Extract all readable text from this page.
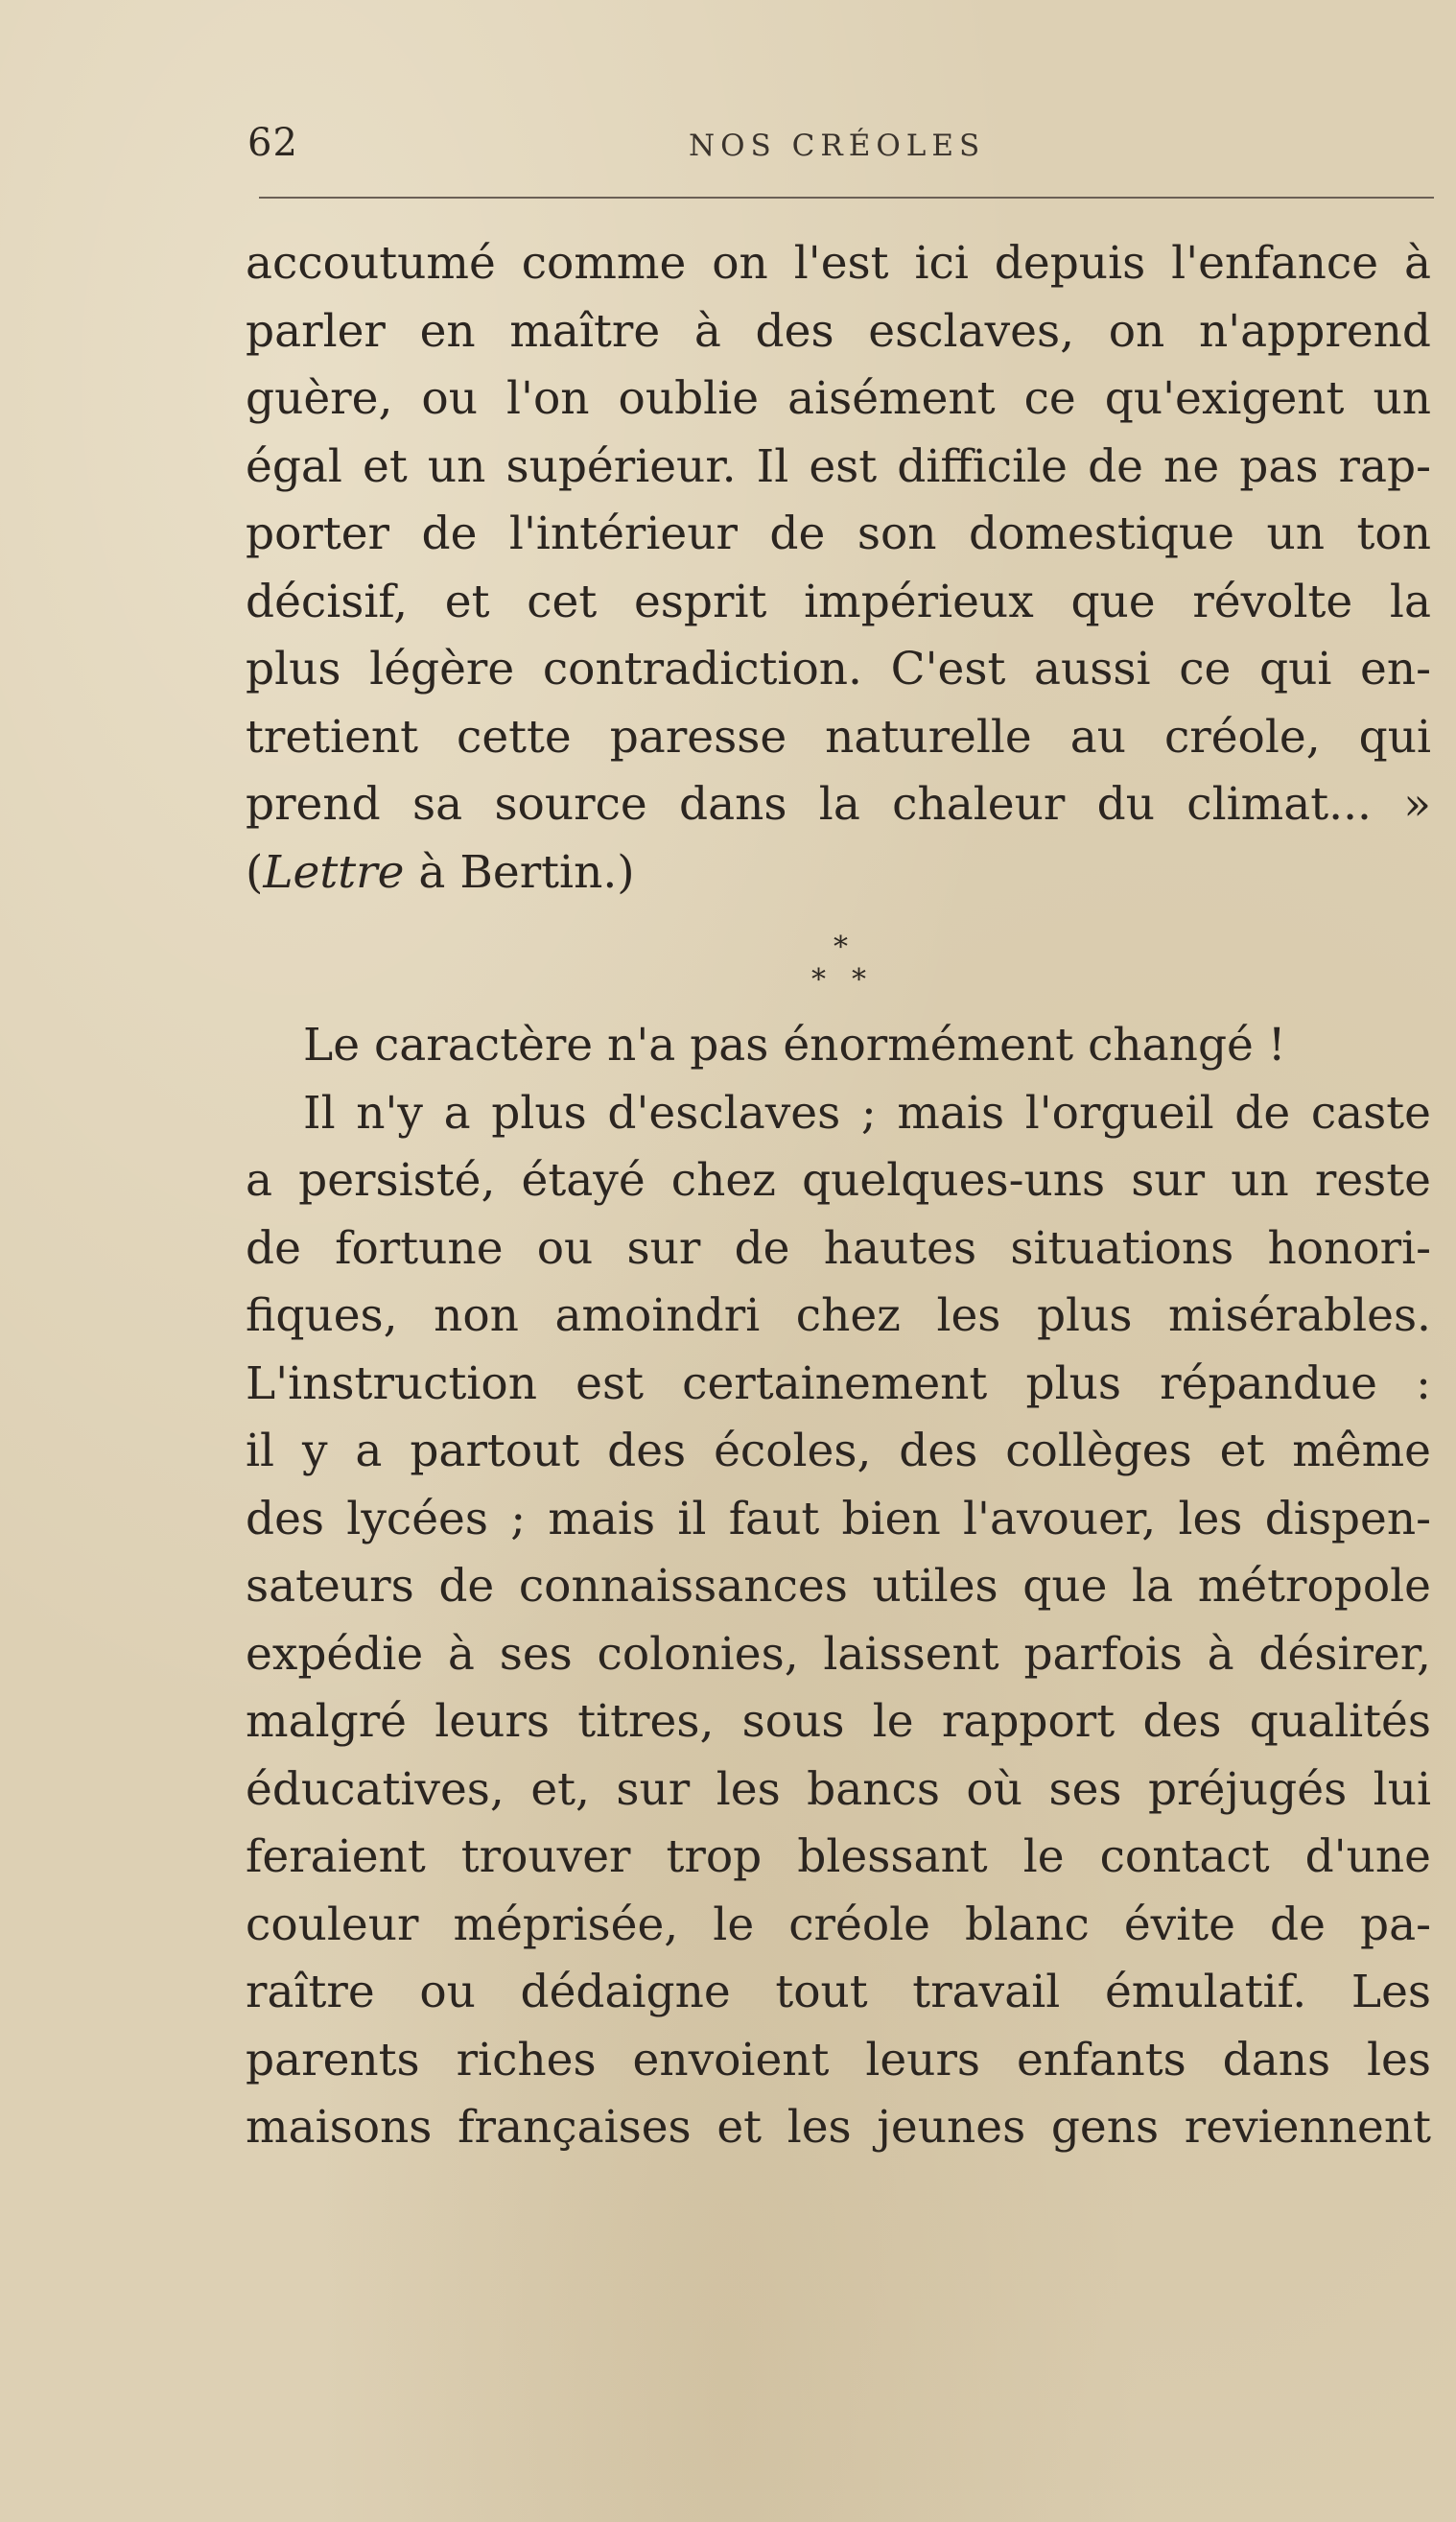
62	NOS CRÉOLES
accoutumé comme on l'est ici depuis l'enfance à
parler en maître à des esclaves, on n'apprend
guère, ou l'on oublie aisément ce qu'exigent un
égal et un supérieur. Il est difficile de ne pas rap-
porter de l'intérieur de son domestique un ton
décisif, et cet esprit impérieux que révolte la
plus légère contradiction. C'est aussi ce qui en-
tretient cette paresse naturelle au créole, qui
prend sa source dans la chaleur du climat... »
(Lettre à Bertin.)
*
* *
Le caractère n'a pas énormément changé !
Il n'y a plus d'esclaves ; mais l'orgueil de caste
a persisté, étayé chez quelques-uns sur un reste
de fortune ou sur de hautes situations honori-
fiques, non amoindri chez les plus misérables.
L'instruction est certainement plus répandue :
il y a partout des écoles, des collèges et même
des lycées ; mais il faut bien l'avouer, les dispen-
sateurs de connaissances utiles que la métropole
expédie à ses colonies, laissent parfois à désirer,
malgré leurs titres, sous le rapport des qualités
éducatives, et, sur les bancs où ses préjugés lui
feraient trouver trop blessant le contact d'une
couleur méprisée, le créole blanc évite de pa-
raître ou dédaigne tout travail émulatif. Les
parents riches envoient leurs enfants dans les
maisons françaises et les jeunes gens reviennent
